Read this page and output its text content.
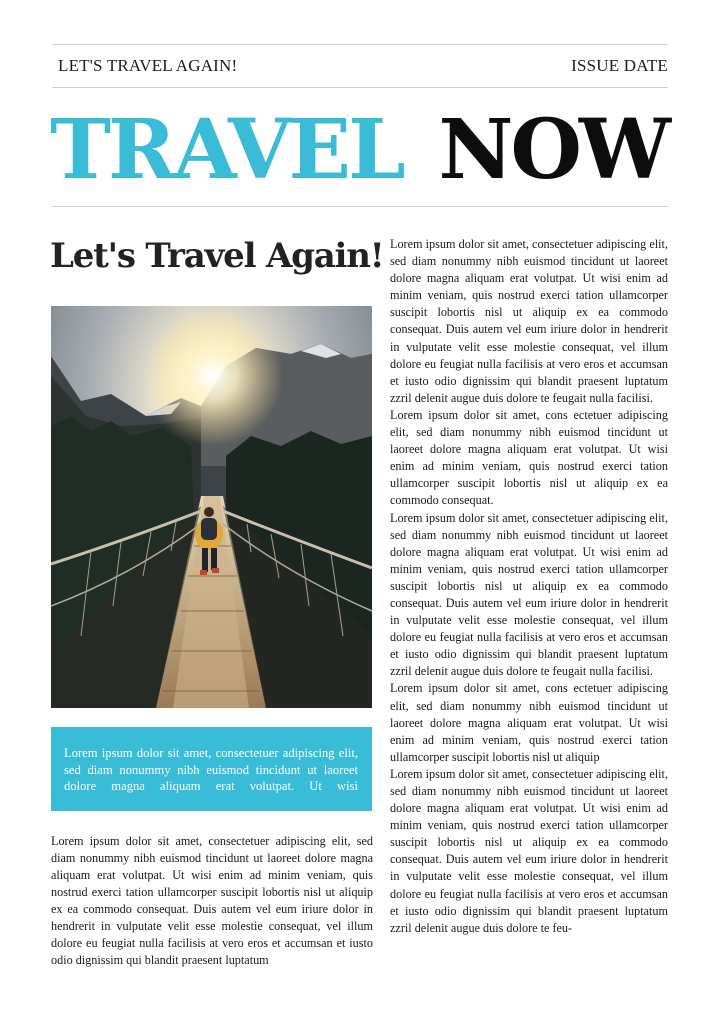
LET'S TRAVEL AGAIN!	ISSUE DATE
TRAVEL NOW
Let's Travel Again!

Lorem ipsum dolor sit amet, consectetuer adipiscing elit, sed diam nonummy nibh euismod tincidunt ut laoreet dolore magna aliquam erat volutpat. Ut wisi

Lorem ipsum dolor sit amet, consectetuer adipiscing elit, sed diam nonummy nibh euismod tincidunt ut laoreet dolore magna aliquam erat volutpat. Ut wisi enim ad minim veniam, quis nostrud exerci tation ullamcorper suscipit lobortis nisl ut aliquip ex ea commodo consequat. Duis autem vel eum iriure dolor in hendrerit in vulputate velit esse molestie consequat, vel illum dolore eu feugiat nulla facilisis at vero eros et accumsan et iusto odio dignissim qui blandit praesent luptatum

Lorem ipsum dolor sit amet, consectetuer adipiscing elit, sed diam nonummy nibh euismod tincidunt ut laoreet dolore magna aliquam erat volutpat. Ut wisi enim ad minim veniam, quis nostrud exerci tation ullamcorper suscipit lobortis nisl ut aliquip ex ea commodo consequat. Duis autem vel eum iriure dolor in hendrerit in vulputate velit esse molestie consequat, vel illum dolore eu feugiat nulla facilisis at vero eros et accumsan et iusto odio dignissim qui blandit praesent luptatum zzril delenit augue duis dolore te feugait nulla facilisi.

Lorem ipsum dolor sit amet, cons ectetuer adipiscing elit, sed diam nonummy nibh euismod tincidunt ut laoreet dolore magna aliquam erat volutpat. Ut wisi enim ad minim veniam, quis nostrud exerci tation ullamcorper suscipit lobortis nisl ut aliquip ex ea commodo consequat.

Lorem ipsum dolor sit amet, consectetuer adipiscing elit, sed diam nonummy nibh euismod tincidunt ut laoreet dolore magna aliquam erat volutpat. Ut wisi enim ad minim veniam, quis nostrud exerci tation ullamcorper suscipit lobortis nisl ut aliquip ex ea commodo consequat. Duis autem vel eum iriure dolor in hendrerit in vulputate velit esse molestie consequat, vel illum dolore eu feugiat nulla facilisis at vero eros et accumsan et iusto odio dignissim qui blandit praesent luptatum zzril delenit augue duis dolore te feugait nulla facilisi.

Lorem ipsum dolor sit amet, cons ectetuer adipiscing elit, sed diam nonummy nibh euismod tincidunt ut laoreet dolore magna aliquam erat volutpat. Ut wisi enim ad minim veniam, quis nostrud exerci tation ullamcorper suscipit lobortis nisl ut aliquip

Lorem ipsum dolor sit amet, consectetuer adipiscing elit, sed diam nonummy nibh euismod tincidunt ut laoreet dolore magna aliquam erat volutpat. Ut wisi enim ad minim veniam, quis nostrud exerci tation ullamcorper suscipit lobortis nisl ut aliquip ex ea commodo consequat. Duis autem vel eum iriure dolor in hendrerit in vulputate velit esse molestie consequat, vel illum dolore eu feugiat nulla facilisis at vero eros et accumsan et iusto odio dignissim qui blandit praesent luptatum zzril delenit augue duis dolore te feu-
